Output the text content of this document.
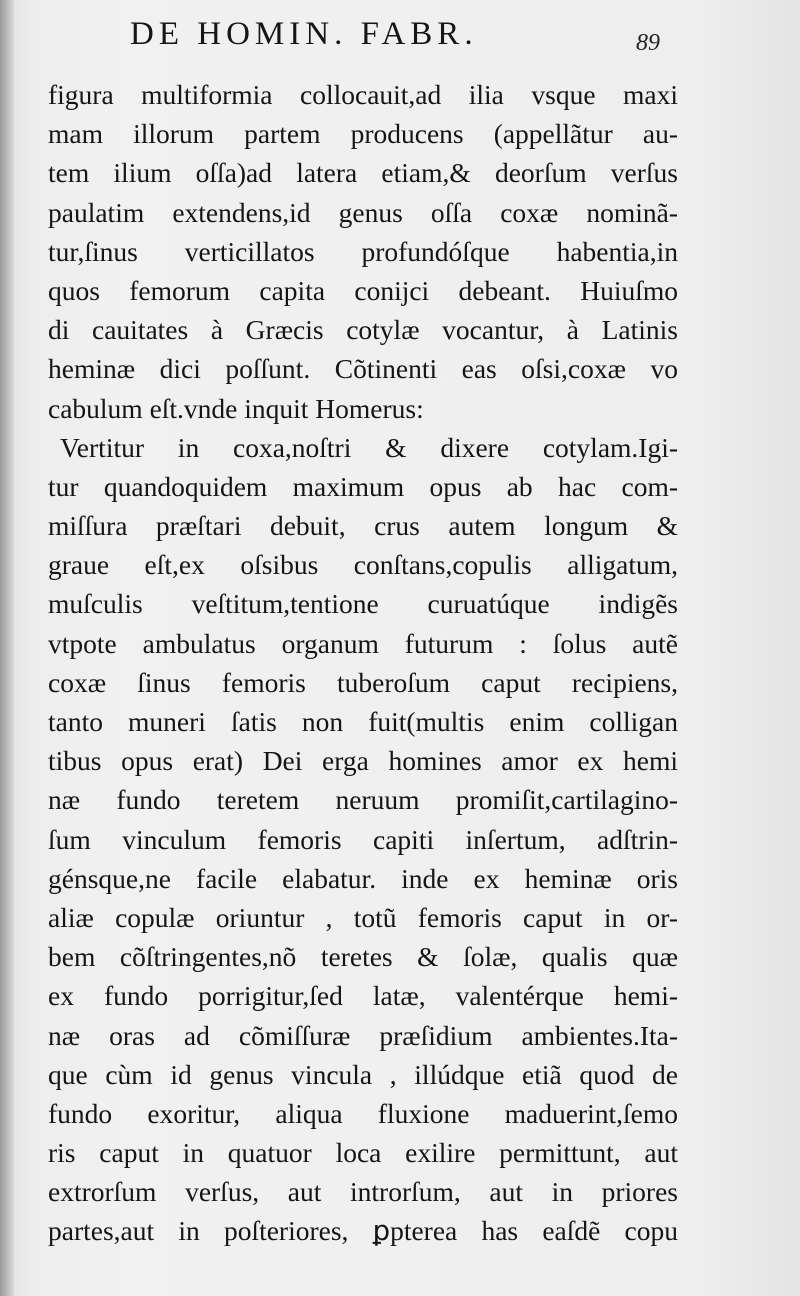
DE HOMIN. FABR.	89
figura multiformia collocauit,ad ilia vsque maxi
mam illorum partem producens (appellãtur au-
tem ilium oſſa)ad latera etiam,& deorſum verſus
paulatim extendens,id genus oſſa coxæ nominã-
tur,ſinus verticillatos profundóſque habentia,in
quos femorum capita conijci debeant. Huiuſmo
di cauitates à Græcis cotylæ vocantur, à Latinis
heminæ dici poſſunt. Cõtinenti eas oſsi,coxæ vo
cabulum eſt.vnde inquit Homerus:
Vertitur in coxa,noſtri & dixere cotylam.Igi-
tur quandoquidem maximum opus ab hac com-
miſſura præſtari debuit, crus autem longum &
graue eſt,ex oſsibus conſtans,copulis alligatum,
muſculis veſtitum,tentione curuatúque indigẽs
vtpote ambulatus organum futurum : ſolus autẽ
coxæ ſinus femoris tuberoſum caput recipiens,
tanto muneri ſatis non fuit(multis enim colligan
tibus opus erat) Dei erga homines amor ex hemi
næ fundo teretem neruum promiſit,cartilagino-
ſum vinculum femoris capiti inſertum, adſtrin-
génsque,ne facile elabatur. inde ex heminæ oris
aliæ copulæ oriuntur , totũ femoris caput in or-
bem cõſtringentes,nõ teretes & ſolæ, qualis quæ
ex fundo porrigitur,ſed latæ, valentérque hemi-
næ oras ad cõmiſſuræ præſidium ambientes.Ita-
que cùm id genus vincula , illúdque etiã quod de
fundo exoritur, aliqua fluxione maduerint,ſemo
ris caput in quatuor loca exilire permittunt, aut
extrorſum verſus, aut introrſum, aut in priores
partes,aut in poſteriores, ꝑpterea has eaſdẽ copu
